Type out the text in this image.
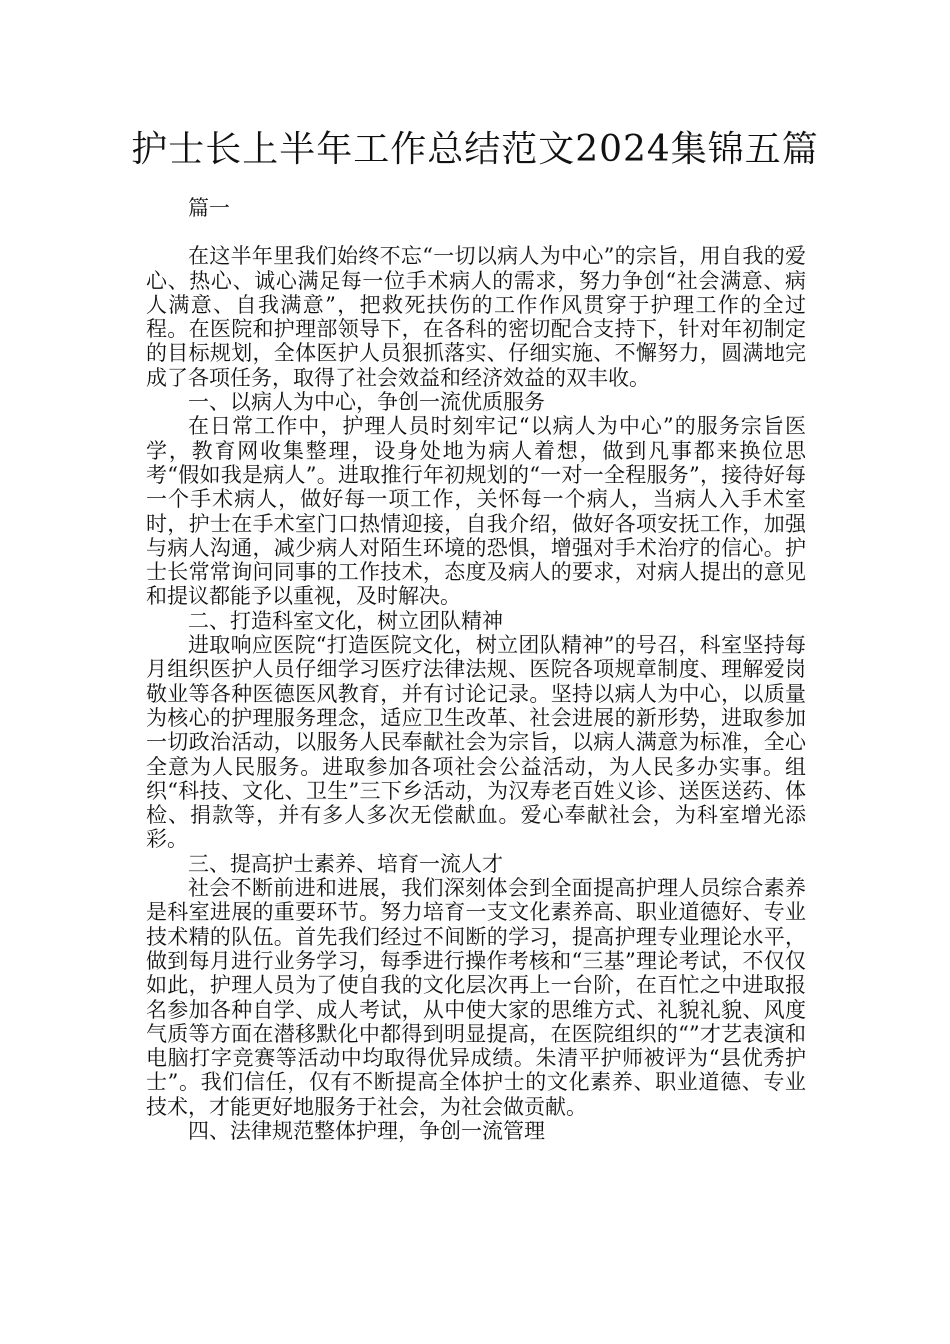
护士长上半年工作总结范文2024集锦五篇

篇一

在这半年里我们始终不忘“一切以病人为中心”的宗旨，用自我的爱心、热心、诚心满足每一位手术病人的需求，努力争创“社会满意、病人满意、自我满意”，把救死扶伤的工作作风贯穿于护理工作的全过程。在医院和护理部领导下，在各科的密切配合支持下，针对年初制定的目标规划，全体医护人员狠抓落实、仔细实施、不懈努力，圆满地完成了各项任务，取得了社会效益和经济效益的双丰收。

一、以病人为中心，争创一流优质服务

在日常工作中，护理人员时刻牢记“以病人为中心”的服务宗旨医学，教育网收集整理，设身处地为病人着想，做到凡事都来换位思考“假如我是病人”。进取推行年初规划的“一对一全程服务”，接待好每一个手术病人，做好每一项工作，关怀每一个病人，当病人入手术室时，护士在手术室门口热情迎接，自我介绍，做好各项安抚工作，加强与病人沟通，减少病人对陌生环境的恐惧，增强对手术治疗的信心。护士长常常询问同事的工作技术，态度及病人的要求，对病人提出的意见和提议都能予以重视，及时解决。

二、打造科室文化，树立团队精神

进取响应医院“打造医院文化，树立团队精神”的号召，科室坚持每月组织医护人员仔细学习医疗法律法规、医院各项规章制度、理解爱岗敬业等各种医德医风教育，并有讨论记录。坚持以病人为中心，以质量为核心的护理服务理念，适应卫生改革、社会进展的新形势，进取参加一切政治活动，以服务人民奉献社会为宗旨，以病人满意为标准，全心全意为人民服务。进取参加各项社会公益活动，为人民多办实事。组织“科技、文化、卫生”三下乡活动，为汉寿老百姓义诊、送医送药、体检、捐款等，并有多人多次无偿献血。爱心奉献社会，为科室增光添彩。

三、提高护士素养、培育一流人才

社会不断前进和进展，我们深刻体会到全面提高护理人员综合素养是科室进展的重要环节。努力培育一支文化素养高、职业道德好、专业技术精的队伍。首先我们经过不间断的学习，提高护理专业理论水平，做到每月进行业务学习，每季进行操作考核和“三基”理论考试，不仅仅如此，护理人员为了使自我的文化层次再上一台阶，在百忙之中进取报名参加各种自学、成人考试，从中使大家的思维方式、礼貌礼貌、风度气质等方面在潜移默化中都得到明显提高，在医院组织的“”才艺表演和电脑打字竞赛等活动中均取得优异成绩。朱清平护师被评为“县优秀护士”。我们信任，仅有不断提高全体护士的文化素养、职业道德、专业技术，才能更好地服务于社会，为社会做贡献。

四、法律规范整体护理，争创一流管理
